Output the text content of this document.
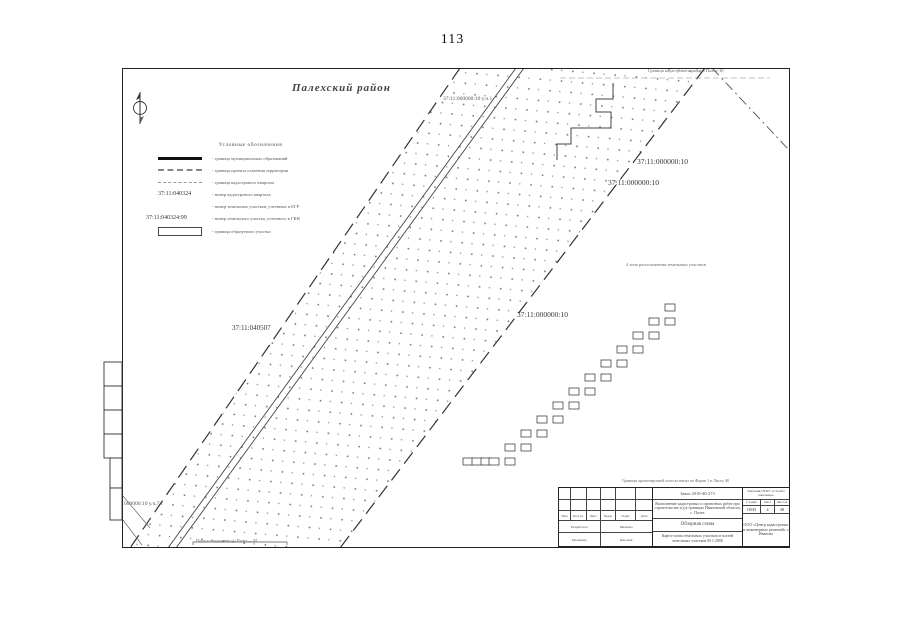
113
Палехский район
Граница кадастрового района Палех-10
37:11:000000:10 у.ч.1
37:11:000000:10
37:11:000000:10
37:11:000000:10
37:11:040507
4 зона расположения земельных участков
000000:10 у.ч.7
Полоса отчуждения а/д Палех — М
Условные обозначения
- граница муниципальных образований
- граница проекта освоения территории
- граница кадастрового квартала
37:11:040324	- номер кадастрового квартала
- номер земельных участков, учтенных в ЕГР
37:11:040324:99	- номер земельного участка, учтенного в ГКН
- граница образуемого участка
Границы проектируемой полосы взяты по Форме 1 и Листу 48
Изм	Кол.уч	Лист	№док	Подп.	Дата
Разработал	Иванова
Проверил	Киселев
Заказ 2019-40-273
Выполнение кадастровых и проектных работ при строительстве а/д в границах Ивановской области, с. Палех
Обзорная схема
Карта-схема земельных участков и частей земельных участков М 1:2000
Заказчик ОГКУ «Служба заказчика»
Стадия	Лист	Листов
ОМЗ	4	48
ООО «Центр кадастровых и инженерных решений» г. Иваново
